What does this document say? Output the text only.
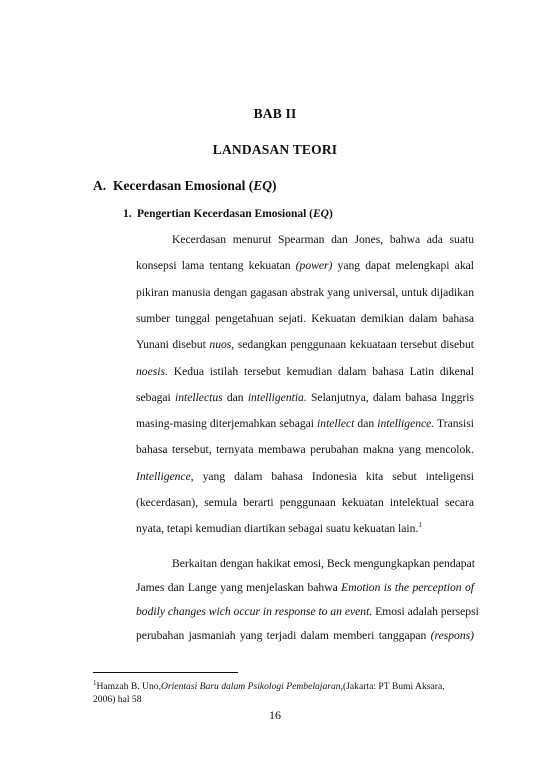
BAB II
LANDASAN TEORI
A. Kecerdasan Emosional (EQ)
1. Pengertian Kecerdasan Emosional (EQ)
Kecerdasan menurut Spearman dan Jones, bahwa ada suatu
konsepsi lama tentang kekuatan (power) yang dapat melengkapi akal
pikiran manusia dengan gagasan abstrak yang universal, untuk dijadikan
sumber tunggal pengetahuan sejati. Kekuatan demikian dalam bahasa
Yunani disebut nuos, sedangkan penggunaan kekuataan tersebut disebut
noesis. Kedua istilah tersebut kemudian dalam bahasa Latin dikenal
sebagai intellectus dan intelligentia. Selanjutnya, dalam bahasa Inggris
masing-masing diterjemahkan sebagai intellect dan intelligence. Transisi
bahasa tersebut, ternyata membawa perubahan makna yang mencolok.
Intelligence, yang dalam bahasa Indonesia kita sebut inteligensi
(kecerdasan), semula berarti penggunaan kekuatan intelektual secara
nyata, tetapi kemudian diartikan sebagai suatu kekuatan lain.$^1$
Berkaitan dengan hakikat emosi, Beck mengungkapkan pendapat
James dan Lange yang menjelaskan bahwa Emotion is the perception of
$^1$Hamzah B. Uno,Orientasi Baru dalam Psikologi Pembelajaran,(Jakarta: PT Bumi Aksara,
2006) hal 58
16
bodily changes wich occur in response to an event. Emosi adalah persepsi
perubahan jasmaniah yang terjadi dalam memberi tanggapan (respons)
